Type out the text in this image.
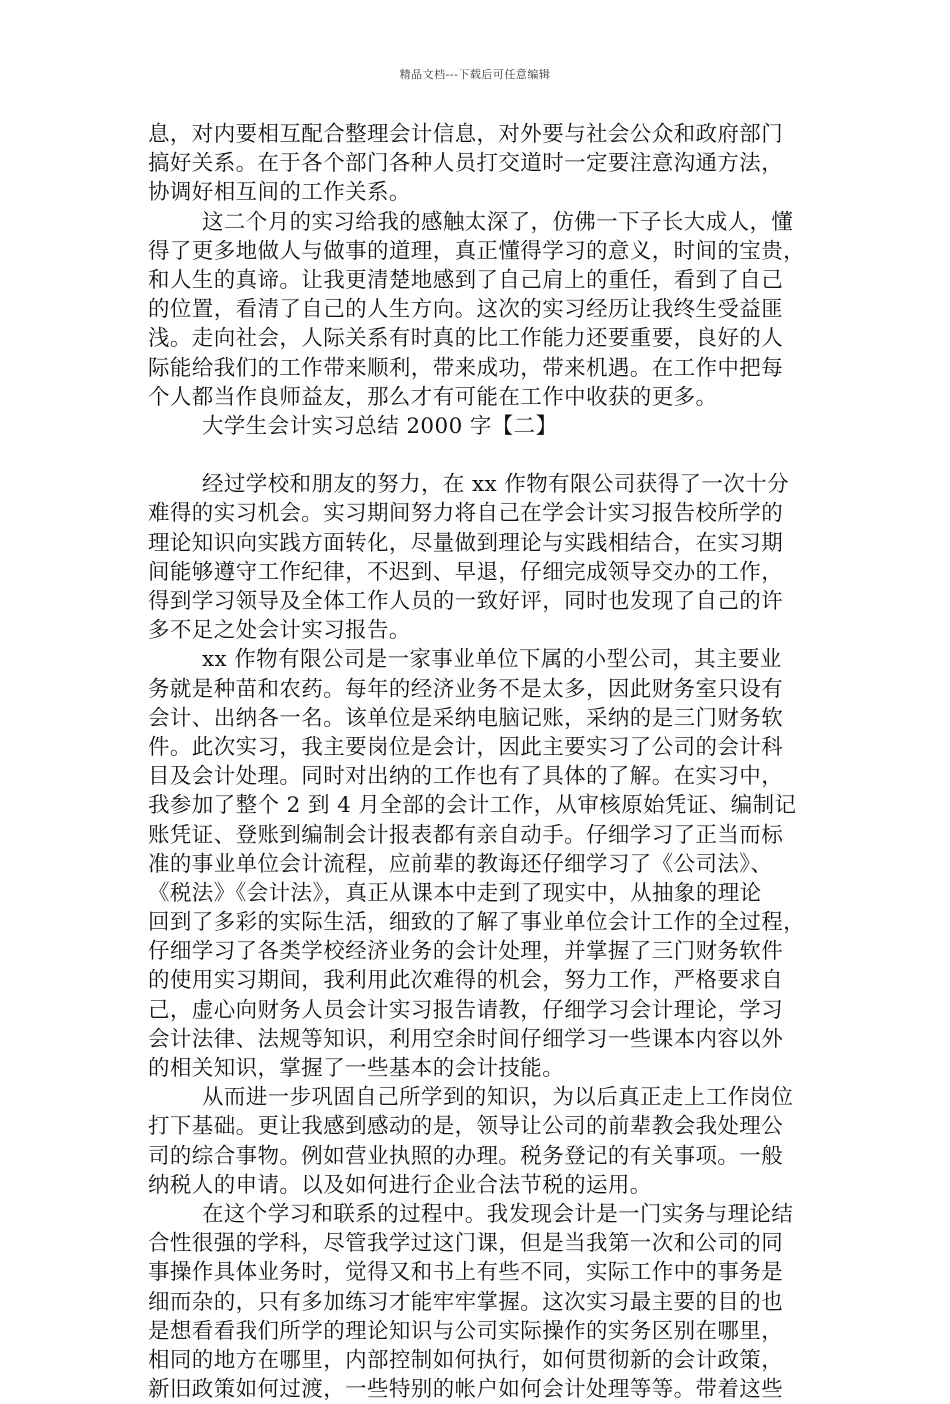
精品文档---下载后可任意编辑
息，对内要相互配合整理会计信息，对外要与社会公众和政府部门
搞好关系。在于各个部门各种人员打交道时一定要注意沟通方法，
协调好相互间的工作关系。
这二个月的实习给我的感触太深了，仿佛一下子长大成人，懂
得了更多地做人与做事的道理，真正懂得学习的意义，时间的宝贵，
和人生的真谛。让我更清楚地感到了自己肩上的重任，看到了自己
的位置，看清了自己的人生方向。这次的实习经历让我终生受益匪
浅。走向社会，人际关系有时真的比工作能力还要重要，良好的人
际能给我们的工作带来顺利，带来成功，带来机遇。在工作中把每
个人都当作良师益友，那么才有可能在工作中收获的更多。
大学生会计实习总结 2000 字【二】
经过学校和朋友的努力，在 xx 作物有限公司获得了一次十分
难得的实习机会。实习期间努力将自己在学会计实习报告校所学的
理论知识向实践方面转化，尽量做到理论与实践相结合，在实习期
间能够遵守工作纪律，不迟到、早退，仔细完成领导交办的工作，
得到学习领导及全体工作人员的一致好评，同时也发现了自己的许
多不足之处会计实习报告。
xx 作物有限公司是一家事业单位下属的小型公司，其主要业
务就是种苗和农药。每年的经济业务不是太多，因此财务室只设有
会计、出纳各一名。该单位是采纳电脑记账，采纳的是三门财务软
件。此次实习，我主要岗位是会计，因此主要实习了公司的会计科
目及会计处理。同时对出纳的工作也有了具体的了解。在实习中，
我参加了整个 2 到 4 月全部的会计工作，从审核原始凭证、编制记
账凭证、登账到编制会计报表都有亲自动手。仔细学习了正当而标
准的事业单位会计流程，应前辈的教诲还仔细学习了《公司法》、
《税法》《会计法》，真正从课本中走到了现实中，从抽象的理论
回到了多彩的实际生活，细致的了解了事业单位会计工作的全过程，
仔细学习了各类学校经济业务的会计处理，并掌握了三门财务软件
的使用实习期间，我利用此次难得的机会，努力工作，严格要求自
己，虚心向财务人员会计实习报告请教，仔细学习会计理论，学习
会计法律、法规等知识，利用空余时间仔细学习一些课本内容以外
的相关知识，掌握了一些基本的会计技能。
从而进一步巩固自己所学到的知识，为以后真正走上工作岗位
打下基础。更让我感到感动的是，领导让公司的前辈教会我处理公
司的综合事物。例如营业执照的办理。税务登记的有关事项。一般
纳税人的申请。以及如何进行企业合法节税的运用。
在这个学习和联系的过程中。我发现会计是一门实务与理论结
合性很强的学科，尽管我学过这门课，但是当我第一次和公司的同
事操作具体业务时，觉得又和书上有些不同，实际工作中的事务是
细而杂的，只有多加练习才能牢牢掌握。这次实习最主要的目的也
是想看看我们所学的理论知识与公司实际操作的实务区别在哪里，
相同的地方在哪里，内部控制如何执行，如何贯彻新的会计政策，
新旧政策如何过渡，一些特别的帐户如何会计处理等等。带着这些
